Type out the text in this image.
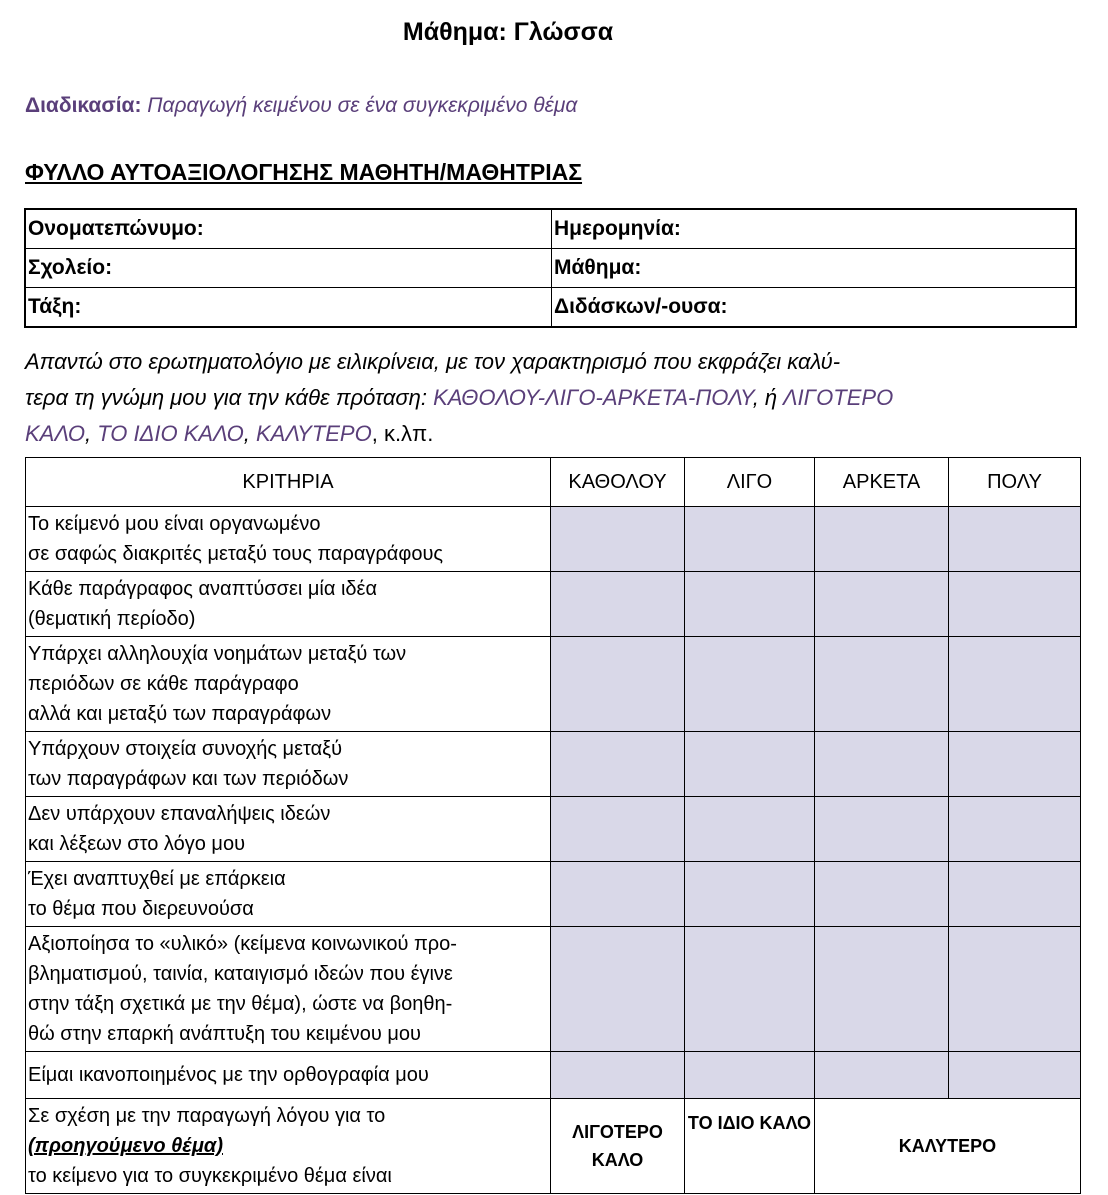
Μάθημα: Γλώσσα
Διαδικασία: Παραγωγή κειμένου σε ένα συγκεκριμένο θέμα
ΦΥΛΛΟ ΑΥΤΟΑΞΙΟΛΟΓΗΣΗΣ ΜΑΘΗΤΗ/ΜΑΘΗΤΡΙΑΣ
Ονοματεπώνυμο:	Ημερομηνία:
Σχολείο:	Μάθημα:
Τάξη:	Διδάσκων/-ουσα:
Απαντώ στο ερωτηματολόγιο με ειλικρίνεια, με τον χαρακτηρισμό που εκφράζει καλύ-
τερα τη γνώμη μου για την κάθε πρόταση: ΚΑΘΟΛΟΥ-ΛΙΓΟ-ΑΡΚΕΤΑ-ΠΟΛΥ, ή ΛΙΓΟΤΕΡΟ
ΚΑΛΟ, ΤΟ ΙΔΙΟ ΚΑΛΟ, ΚΑΛΥΤΕΡΟ, κ.λπ.
ΚΡΙΤΗΡΙΑ	ΚΑΘΟΛΟΥ	ΛΙΓΟ	ΑΡΚΕΤΑ	ΠΟΛΥ

Το κείμενό μου είναι οργανωμένο
σε σαφώς διακριτές μεταξύ τους παραγράφους				

Κάθε παράγραφος αναπτύσσει μία ιδέα
(θεματική περίοδο)				

Υπάρχει αλληλουχία νοημάτων μεταξύ των
περιόδων σε κάθε παράγραφο
αλλά και μεταξύ των παραγράφων				

Υπάρχουν στοιχεία συνοχής μεταξύ
των παραγράφων και των περιόδων				

Δεν υπάρχουν επαναλήψεις ιδεών
και λέξεων στο λόγο μου				

Έχει αναπτυχθεί με επάρκεια
το θέμα που διερευνούσα				

Αξιοποίησα το «υλικό» (κείμενα κοινωνικού προ-
βληματισμού, ταινία, καταιγισμό ιδεών που έγινε
στην τάξη σχετικά με την θέμα), ώστε να βοηθη-
θώ στην επαρκή ανάπτυξη του κειμένου μου				

Είμαι ικανοποιημένος με την ορθογραφία μου				

Σε σχέση με την παραγωγή λόγου για το
(προηγούμενο θέμα)
το κείμενο για το συγκεκριμένο θέμα είναι	ΛΙΓΟΤΕΡΟ ΚΑΛΟ	ΤΟ ΙΔΙΟ ΚΑΛΟ	ΚΑΛΥΤΕΡΟ	
